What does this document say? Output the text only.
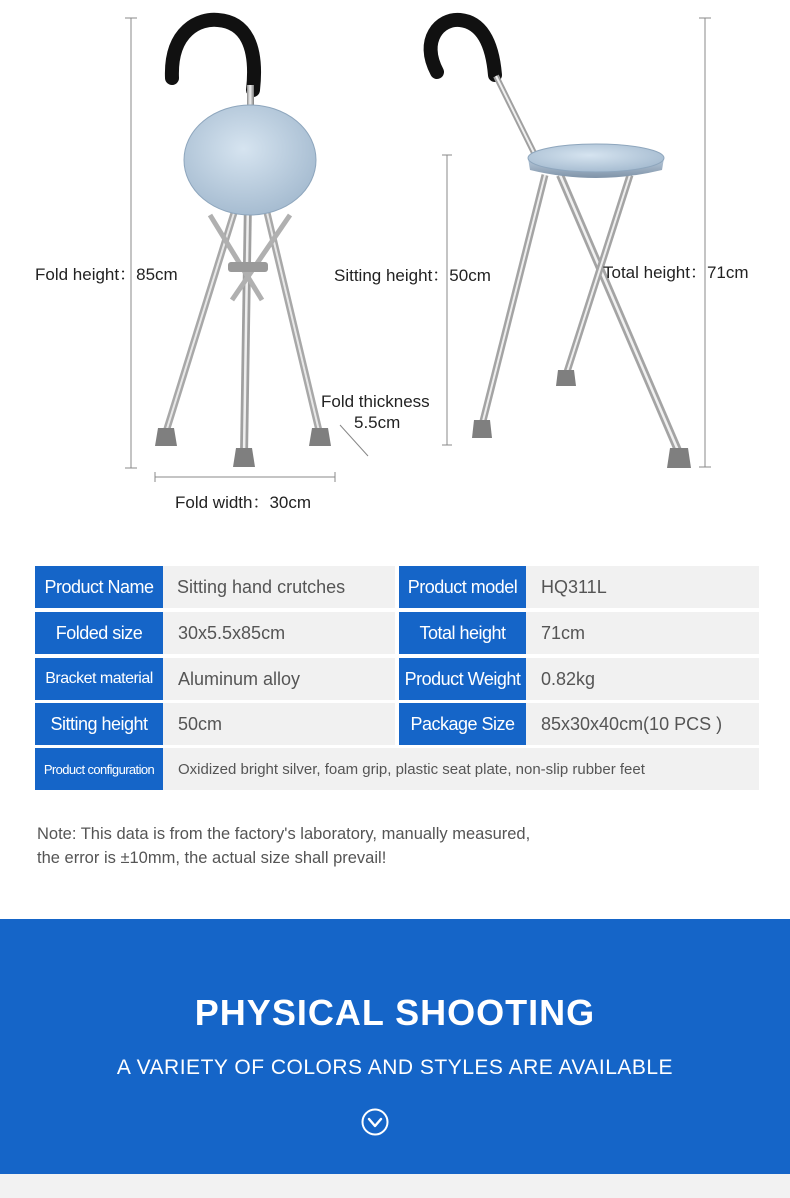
Fold height：85cm
Fold thickness
5.5cm
Fold width：30cm
Sitting height：50cm	Total height：71cm
Product Name	Sitting hand crutches	Product model	HQ311L
Folded size	30x5.5x85cm	Total height	71cm
Bracket material	Aluminum alloy	Product Weight	0.82kg
Sitting height	50cm	Package Size	85x30x40cm(10 PCS )
Product configuration	Oxidized bright silver, foam grip, plastic seat plate, non-slip rubber feet
Note: This data is from the factory's laboratory, manually measured,
the error is ±10mm, the actual size shall prevail!
PHYSICAL SHOOTING
A VARIETY OF COLORS AND STYLES ARE AVAILABLE
